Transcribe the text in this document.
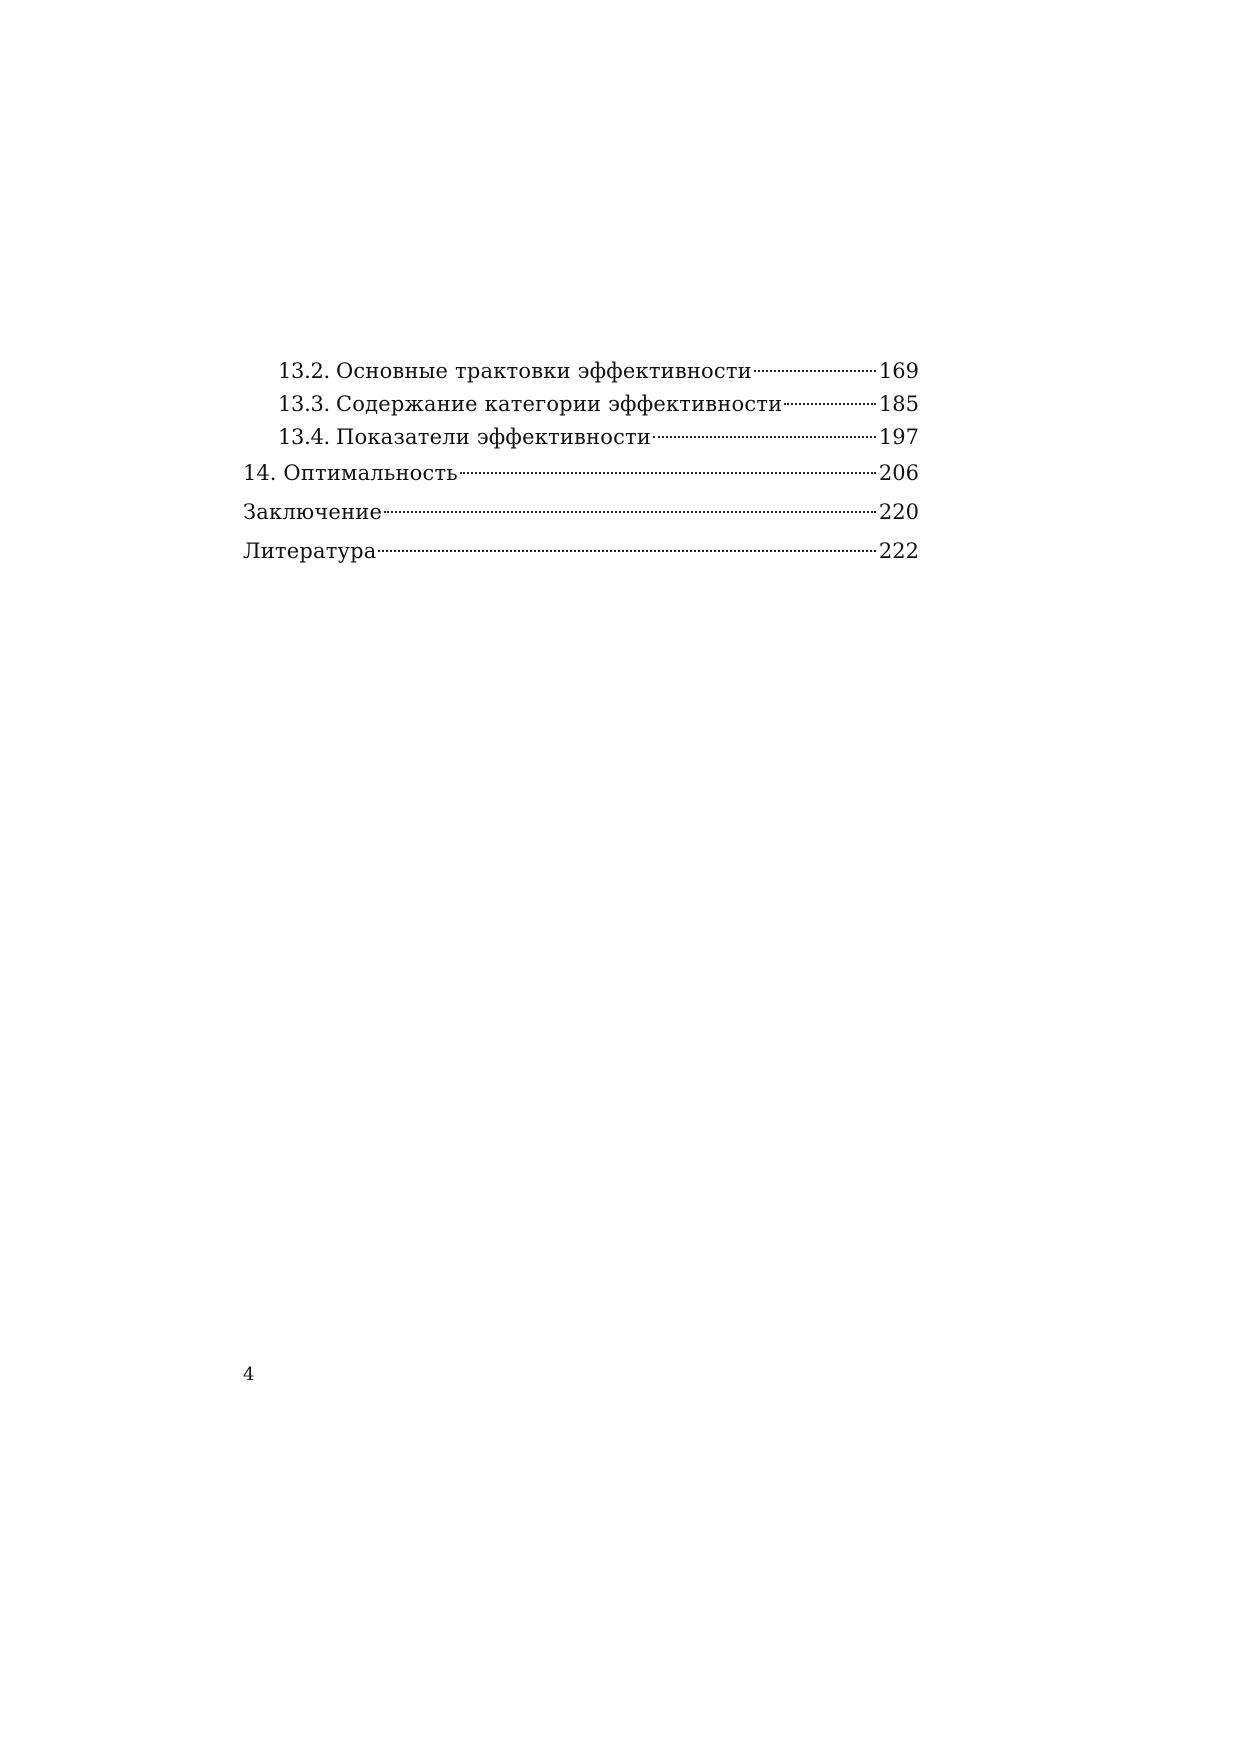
13.2. Основные трактовки эффективности	169
13.3. Содержание категории эффективности	185
13.4. Показатели эффективности	197
14. Оптимальность	206
Заключение	220
Литература	222
4
